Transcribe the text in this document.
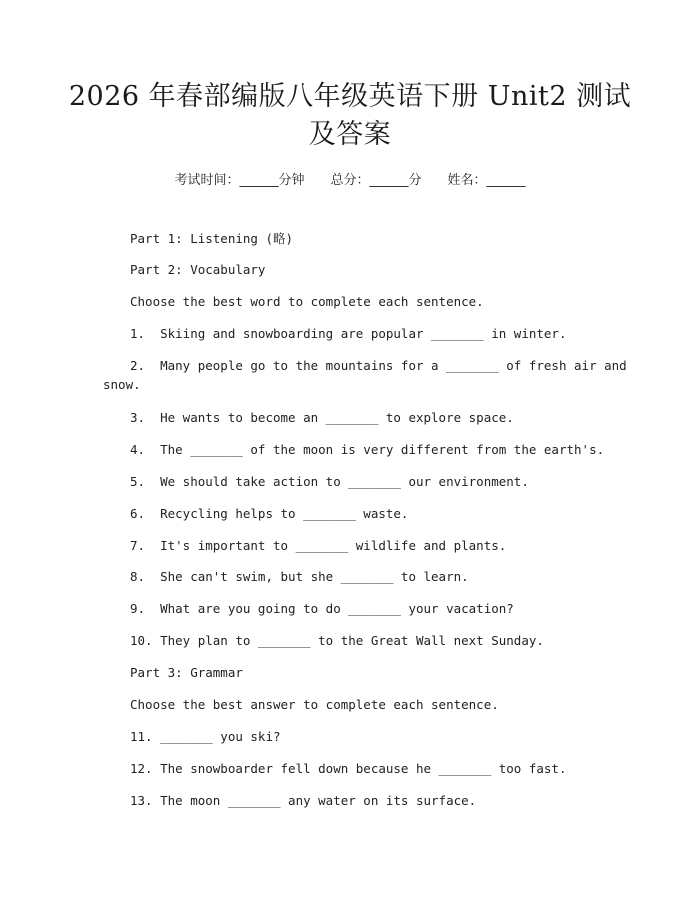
2026 年春部编版八年级英语下册 Unit2 测试
及答案
考试时间：______分钟 总分：______分 姓名：______
Part 1: Listening (略)
Part 2: Vocabulary
Choose the best word to complete each sentence.
1.  Skiing and snowboarding are popular _______ in winter.
2.  Many people go to the mountains for a _______ of fresh air and
snow.
3.  He wants to become an _______ to explore space.
4.  The _______ of the moon is very different from the earth's.
5.  We should take action to _______ our environment.
6.  Recycling helps to _______ waste.
7.  It's important to _______ wildlife and plants.
8.  She can't swim, but she _______ to learn.
9.  What are you going to do _______ your vacation?
10. They plan to _______ to the Great Wall next Sunday.
Part 3: Grammar
Choose the best answer to complete each sentence.
11. _______ you ski?
12. The snowboarder fell down because he _______ too fast.
13. The moon _______ any water on its surface.
